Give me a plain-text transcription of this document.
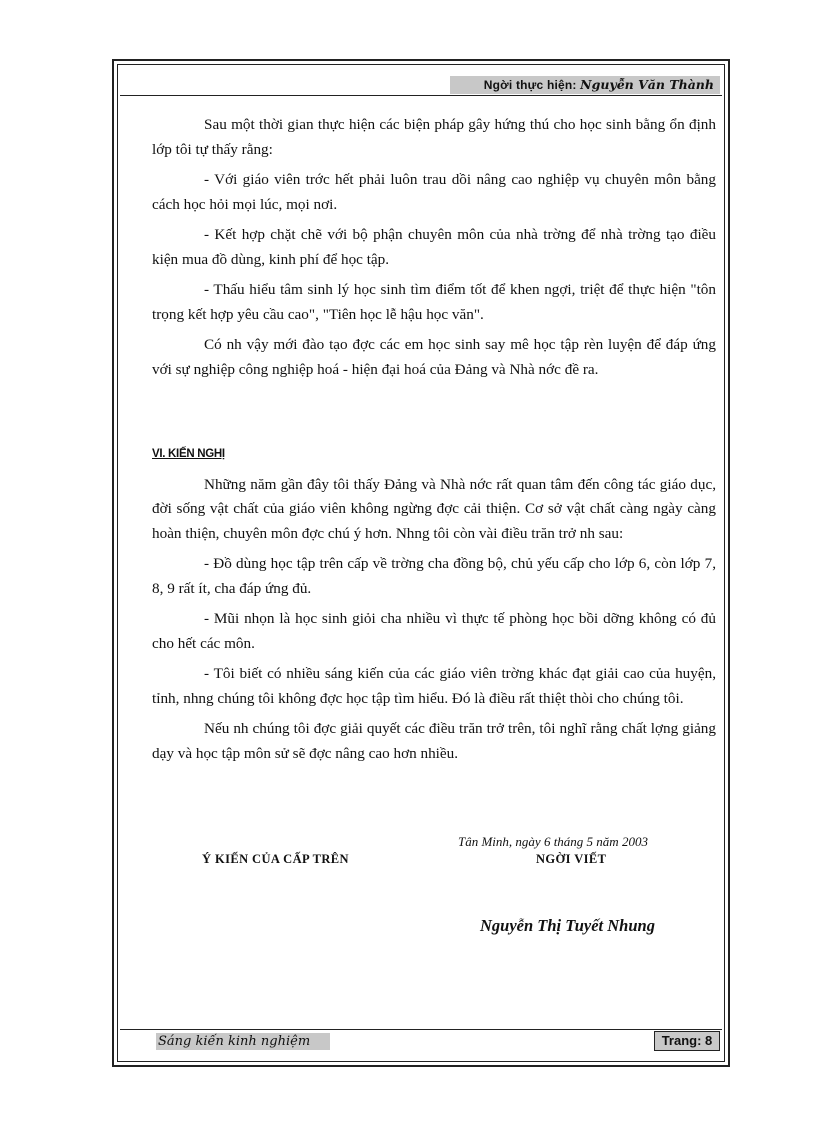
Ngời thực hiện: Nguyễn Văn Thành

Sau một thời gian thực hiện các biện pháp gây hứng thú cho học sinh bằng ổn định lớp tôi tự thấy rằng:

- Với giáo viên trớc hết phải luôn trau dồi nâng cao nghiệp vụ chuyên môn bằng cách học hỏi mọi lúc, mọi nơi.

- Kết hợp chặt chẽ với bộ phận chuyên môn của nhà trờng để nhà trờng tạo điều kiện mua đồ dùng, kinh phí để học tập.

- Thấu hiểu tâm sinh lý học sinh tìm điểm tốt để khen ngợi, triệt để thực hiện "tôn trọng kết hợp yêu cầu cao", "Tiên học lễ hậu học văn".

Có nh vậy mới đào tạo đợc các em học sinh say mê học tập rèn luyện để đáp ứng với sự nghiệp công nghiệp hoá - hiện đại hoá của Đảng và Nhà nớc đề ra.

VI. KIẾN NGHỊ

Những năm gần đây tôi thấy Đảng và Nhà nớc rất quan tâm đến công tác giáo dục, đời sống vật chất của giáo viên không ngừng đợc cải thiện. Cơ sở vật chất càng ngày càng hoàn thiện, chuyên môn đợc chú ý hơn. Nhng tôi còn vài điều trăn trở nh sau:

- Đồ dùng học tập trên cấp về trờng cha đồng bộ, chủ yếu cấp cho lớp 6, còn lớp 7, 8, 9 rất ít, cha đáp ứng đủ.

- Mũi nhọn là học sinh giỏi cha nhiều vì thực tế phòng học bồi dỡng không có đủ cho hết các môn.

- Tôi biết có nhiều sáng kiến của các giáo viên trờng khác đạt giải cao của huyện, tỉnh, nhng chúng tôi không đợc học tập tìm hiểu. Đó là điều rất thiệt thòi cho chúng tôi.

Nếu nh chúng tôi đợc giải quyết các điều trăn trở trên, tôi nghĩ rằng chất lợng giảng dạy và học tập môn sử sẽ đợc nâng cao hơn nhiều.

Ý KIẾN CỦA CẤP TRÊN
Tân Minh, ngày 6 tháng 5 năm 2003
NGỜI VIẾT
Nguyễn Thị Tuyết Nhung
Sáng kiến kinh nghiệm	Trang: 8
